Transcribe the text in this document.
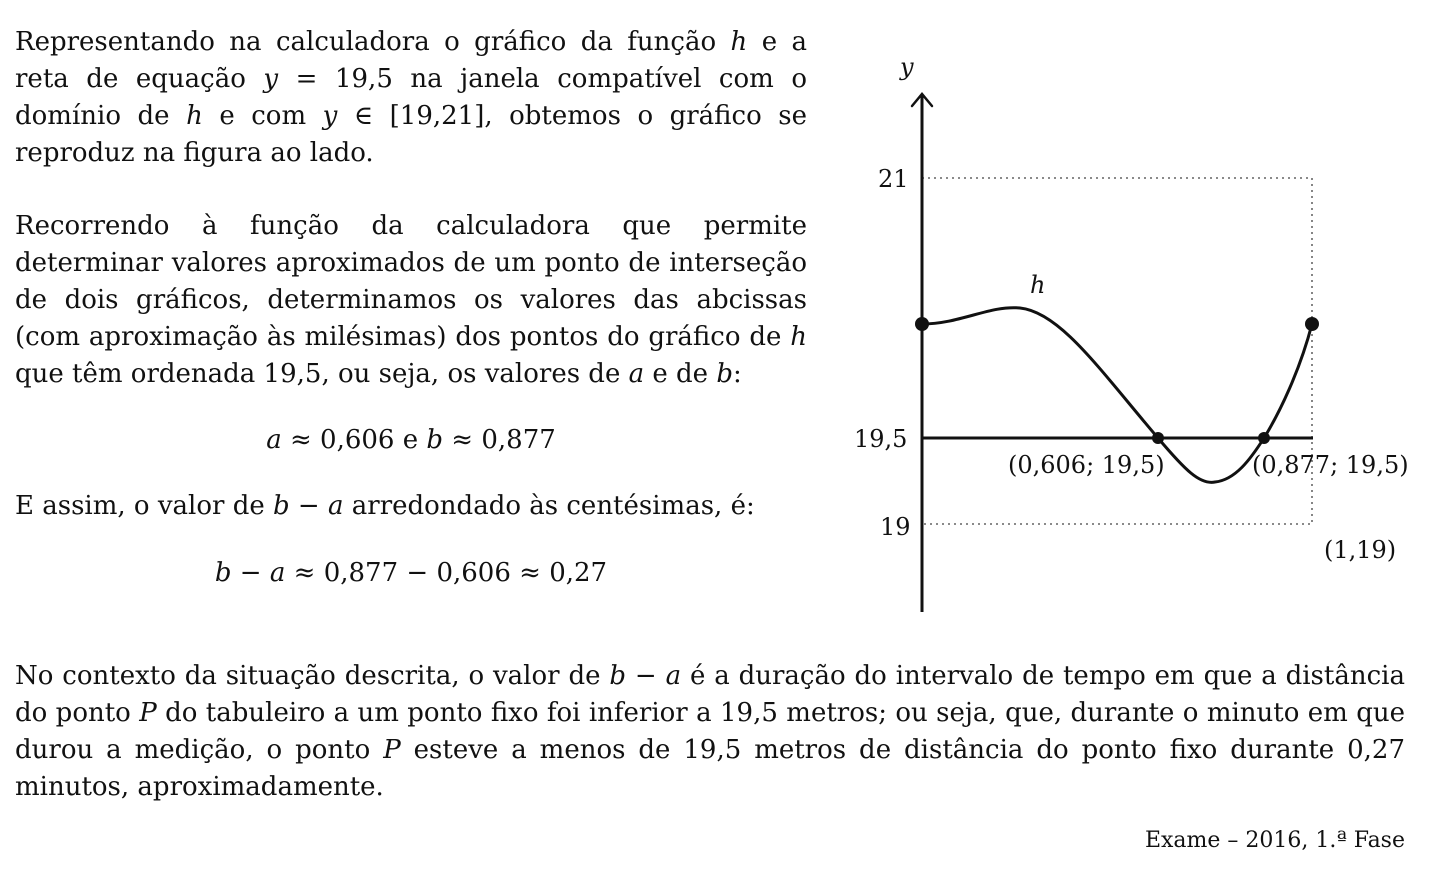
Representando na calculadora o gráfico da função h e a reta de equação y = 19,5 na janela compatível com o domínio de h e com y ∈ [19,21], obtemos o gráfico se reproduz na figura ao lado.

Recorrendo à função da calculadora que permite determinar valores aproximados de um ponto de interseção de dois gráficos, determinamos os valores das abcissas (com aproximação às milésimas) dos pontos do gráfico de h que têm ordenada 19,5, ou seja, os valores de a e de b:

a ≈ 0,606 e b ≈ 0,877

E assim, o valor de b − a arredondado às centésimas, é:

b − a ≈ 0,877 − 0,606 ≈ 0,27
y
21
19,5
19
h
(0,606; 19,5)	(0,877; 19,5)
(1,19)

No contexto da situação descrita, o valor de b − a é a duração do intervalo de tempo em que a distância do ponto P do tabuleiro a um ponto fixo foi inferior a 19,5 metros; ou seja, que, durante o minuto em que durou a medição, o ponto P esteve a menos de 19,5 metros de distância do ponto fixo durante 0,27 minutos, aproximadamente.

Exame – 2016, 1.ª Fase
